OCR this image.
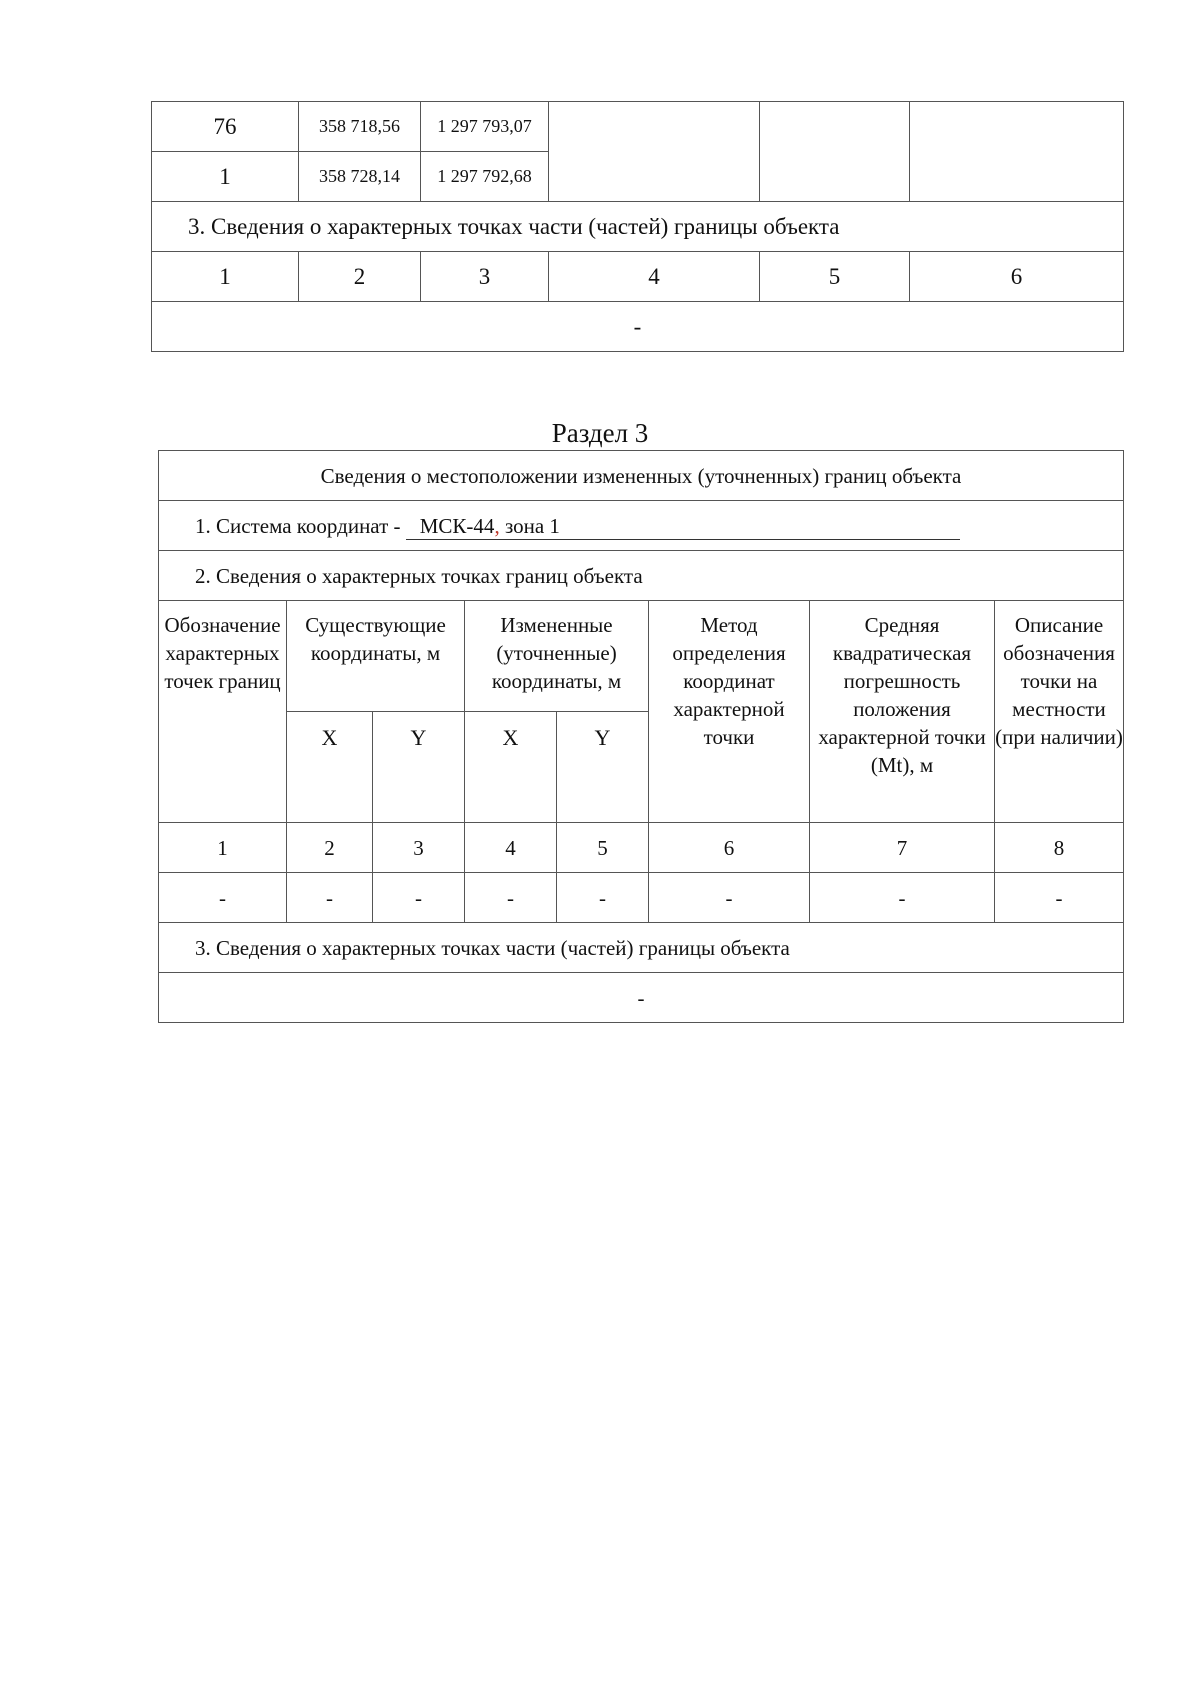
76	358 718,56	1 297 793,07			
1	358 728,14	1 297 792,68			
3. Сведения о характерных точках части (частей) границы объекта					
1	2	3	4	5	6
-					
Раздел 3
Сведения о местоположении измененных (уточненных) границ объекта							
1. Система координат - МСК-44, зона 1							
2. Сведения о характерных точках границ объекта							
Обозначение характерных точек границ	Существующие координаты, м		Измененные (уточненные) координаты, м		Метод определения координат характерной точки	Средняя квадратическая погрешность положения характерной точки (Mt), м	Описание обозначения точки на местности (при наличии)
	X	Y	X	Y			
1	2	3	4	5	6	7	8
-	-	-	-	-	-	-	-
3. Сведения о характерных точках части (частей) границы объекта							
-							
